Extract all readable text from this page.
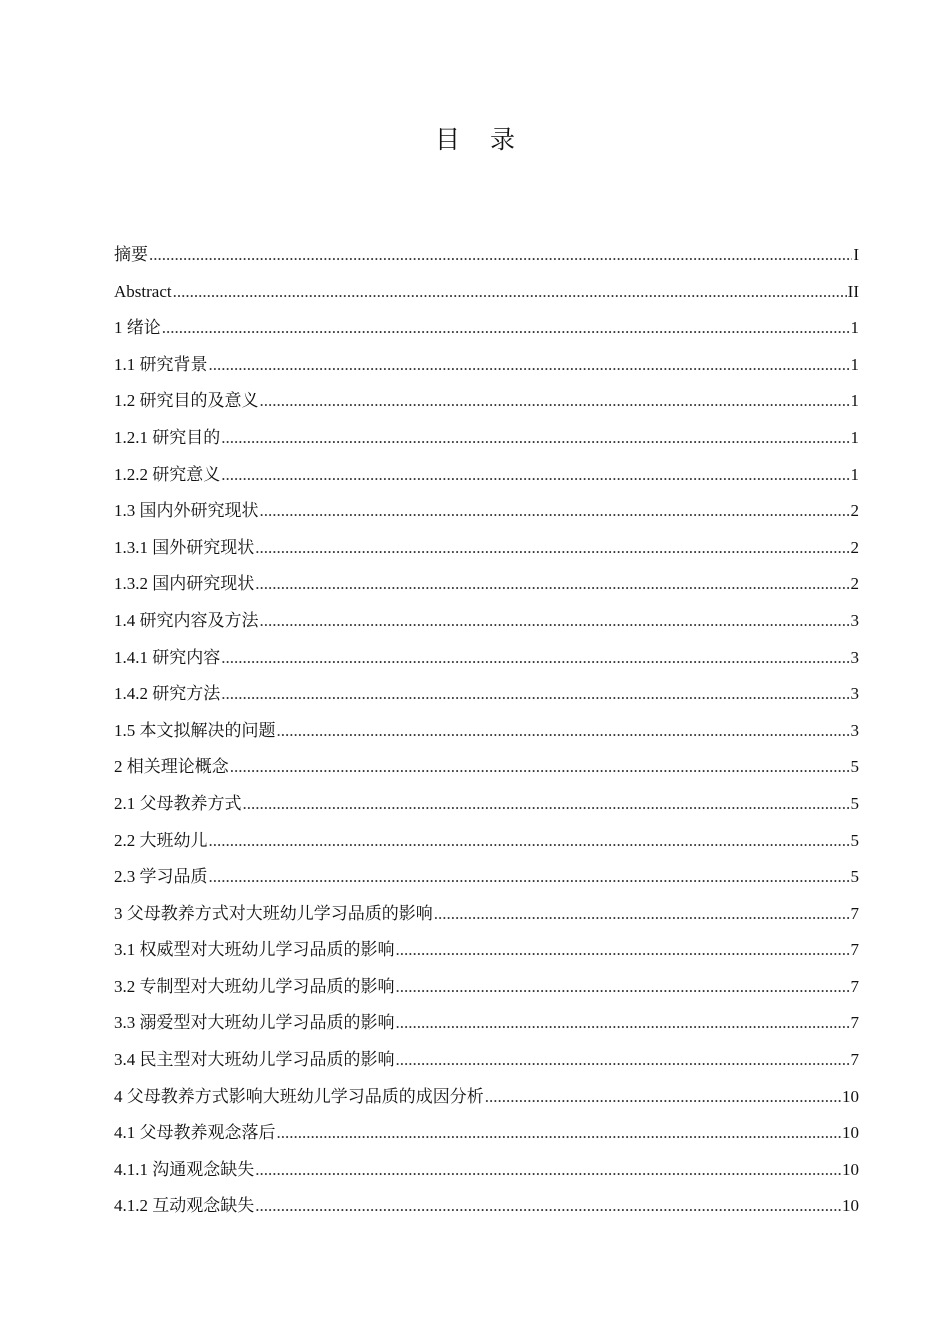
目录
摘要 .....	I
Abstract .....	II
1 绪论 .....	1
1.1 研究背景 .....	1
1.2 研究目的及意义 .....	1
1.2.1 研究目的 .....	1
1.2.2 研究意义 .....	1
1.3 国内外研究现状 .....	2
1.3.1 国外研究现状 .....	2
1.3.2 国内研究现状 .....	2
1.4 研究内容及方法 .....	3
1.4.1 研究内容 .....	3
1.4.2 研究方法 .....	3
1.5 本文拟解决的问题 .....	3
2 相关理论概念 .....	5
2.1 父母教养方式 .....	5
2.2 大班幼儿 .....	5
2.3 学习品质 .....	5
3 父母教养方式对大班幼儿学习品质的影响 .....	7
3.1 权威型对大班幼儿学习品质的影响 .....	7
3.2 专制型对大班幼儿学习品质的影响 .....	7
3.3 溺爱型对大班幼儿学习品质的影响 .....	7
3.4 民主型对大班幼儿学习品质的影响 .....	7
4 父母教养方式影响大班幼儿学习品质的成因分析 .....	10
4.1 父母教养观念落后 .....	10
4.1.1 沟通观念缺失 .....	10
4.1.2 互动观念缺失 .....	10
